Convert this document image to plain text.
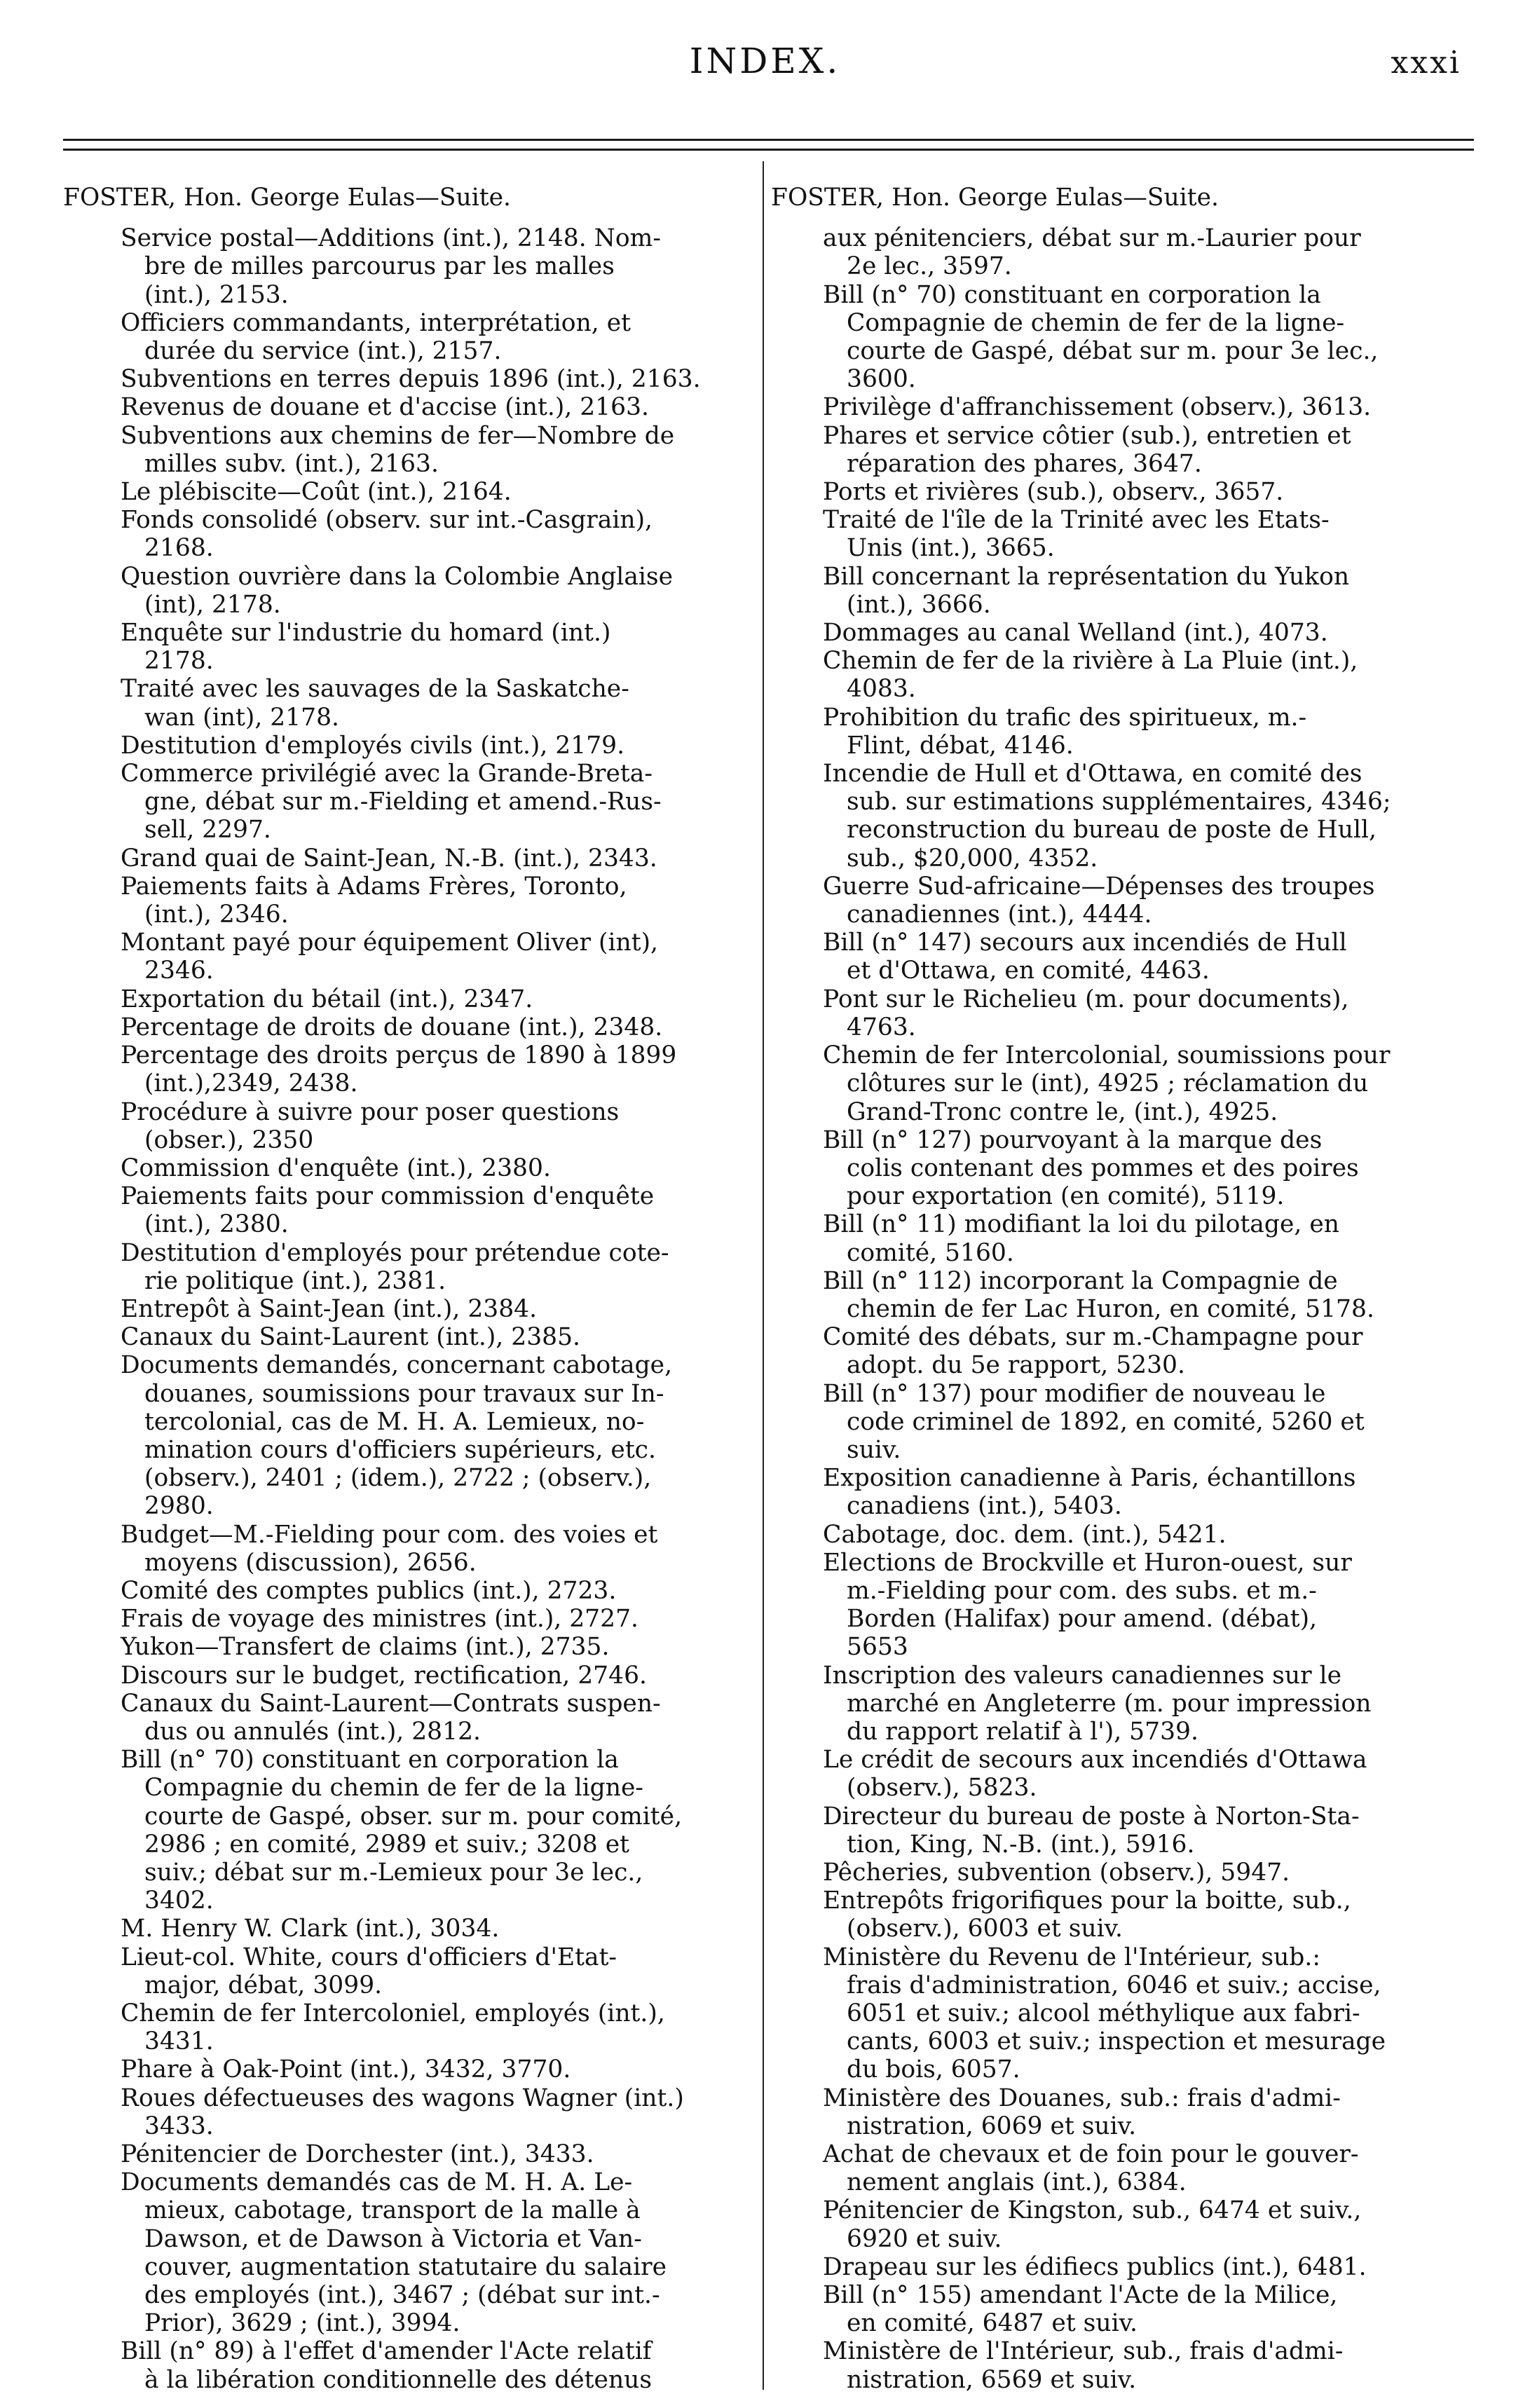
INDEX.	xxxi
FOSTER, Hon. George Eulas—Suite.
Service postal—Additions (int.), 2148. Nom-
bre de milles parcourus par les malles
(int.), 2153.
Officiers commandants, interprétation, et
durée du service (int.), 2157.
Subventions en terres depuis 1896 (int.), 2163.
Revenus de douane et d'accise (int.), 2163.
Subventions aux chemins de fer—Nombre de
milles subv. (int.), 2163.
Le plébiscite—Coût (int.), 2164.
Fonds consolidé (observ. sur int.-Casgrain),
2168.
Question ouvrière dans la Colombie Anglaise
(int), 2178.
Enquête sur l'industrie du homard (int.)
2178.
Traité avec les sauvages de la Saskatche-
wan (int), 2178.
Destitution d'employés civils (int.), 2179.
Commerce privilégié avec la Grande-Breta-
gne, débat sur m.-Fielding et amend.-Rus-
sell, 2297.
Grand quai de Saint-Jean, N.-B. (int.), 2343.
Paiements faits à Adams Frères, Toronto,
(int.), 2346.
Montant payé pour équipement Oliver (int),
2346.
Exportation du bétail (int.), 2347.
Percentage de droits de douane (int.), 2348.
Percentage des droits perçus de 1890 à 1899
(int.),2349, 2438.
Procédure à suivre pour poser questions
(obser.), 2350
Commission d'enquête (int.), 2380.
Paiements faits pour commission d'enquête
(int.), 2380.
Destitution d'employés pour prétendue cote-
rie politique (int.), 2381.
Entrepôt à Saint-Jean (int.), 2384.
Canaux du Saint-Laurent (int.), 2385.
Documents demandés, concernant cabotage,
douanes, soumissions pour travaux sur In-
tercolonial, cas de M. H. A. Lemieux, no-
mination cours d'officiers supérieurs, etc.
(observ.), 2401 ; (idem.), 2722 ; (observ.),
2980.
Budget—M.-Fielding pour com. des voies et
moyens (discussion), 2656.
Comité des comptes publics (int.), 2723.
Frais de voyage des ministres (int.), 2727.
Yukon—Transfert de claims (int.), 2735.
Discours sur le budget, rectification, 2746.
Canaux du Saint-Laurent—Contrats suspen-
dus ou annulés (int.), 2812.
Bill (n° 70) constituant en corporation la
Compagnie du chemin de fer de la ligne-
courte de Gaspé, obser. sur m. pour comité,
2986 ; en comité, 2989 et suiv.; 3208 et
suiv.; débat sur m.-Lemieux pour 3e lec.,
3402.
M. Henry W. Clark (int.), 3034.
Lieut-col. White, cours d'officiers d'Etat-
major, débat, 3099.
Chemin de fer Intercoloniel, employés (int.),
3431.
Phare à Oak-Point (int.), 3432, 3770.
Roues défectueuses des wagons Wagner (int.)
3433.
Pénitencier de Dorchester (int.), 3433.
Documents demandés cas de M. H. A. Le-
mieux, cabotage, transport de la malle à
Dawson, et de Dawson à Victoria et Van-
couver, augmentation statutaire du salaire
des employés (int.), 3467 ; (débat sur int.-
Prior), 3629 ; (int.), 3994.
Bill (n° 89) à l'effet d'amender l'Acte relatif
à la libération conditionnelle des détenus
FOSTER, Hon. George Eulas—Suite.
aux pénitenciers, débat sur m.-Laurier pour
2e lec., 3597.
Bill (n° 70) constituant en corporation la
Compagnie de chemin de fer de la ligne-
courte de Gaspé, débat sur m. pour 3e lec.,
3600.
Privilège d'affranchissement (observ.), 3613.
Phares et service côtier (sub.), entretien et
réparation des phares, 3647.
Ports et rivières (sub.), observ., 3657.
Traité de l'île de la Trinité avec les Etats-
Unis (int.), 3665.
Bill concernant la représentation du Yukon
(int.), 3666.
Dommages au canal Welland (int.), 4073.
Chemin de fer de la rivière à La Pluie (int.),
4083.
Prohibition du trafic des spiritueux, m.-
Flint, débat, 4146.
Incendie de Hull et d'Ottawa, en comité des
sub. sur estimations supplémentaires, 4346;
reconstruction du bureau de poste de Hull,
sub., $20,000, 4352.
Guerre Sud-africaine—Dépenses des troupes
canadiennes (int.), 4444.
Bill (n° 147) secours aux incendiés de Hull
et d'Ottawa, en comité, 4463.
Pont sur le Richelieu (m. pour documents),
4763.
Chemin de fer Intercolonial, soumissions pour
clôtures sur le (int), 4925 ; réclamation du
Grand-Tronc contre le, (int.), 4925.
Bill (n° 127) pourvoyant à la marque des
colis contenant des pommes et des poires
pour exportation (en comité), 5119.
Bill (n° 11) modifiant la loi du pilotage, en
comité, 5160.
Bill (n° 112) incorporant la Compagnie de
chemin de fer Lac Huron, en comité, 5178.
Comité des débats, sur m.-Champagne pour
adopt. du 5e rapport, 5230.
Bill (n° 137) pour modifier de nouveau le
code criminel de 1892, en comité, 5260 et
suiv.
Exposition canadienne à Paris, échantillons
canadiens (int.), 5403.
Cabotage, doc. dem. (int.), 5421.
Elections de Brockville et Huron-ouest, sur
m.-Fielding pour com. des subs. et m.-
Borden (Halifax) pour amend. (débat),
5653
Inscription des valeurs canadiennes sur le
marché en Angleterre (m. pour impression
du rapport relatif à l'), 5739.
Le crédit de secours aux incendiés d'Ottawa
(observ.), 5823.
Directeur du bureau de poste à Norton-Sta-
tion, King, N.-B. (int.), 5916.
Pêcheries, subvention (observ.), 5947.
Entrepôts frigorifiques pour la boitte, sub.,
(observ.), 6003 et suiv.
Ministère du Revenu de l'Intérieur, sub.:
frais d'administration, 6046 et suiv.; accise,
6051 et suiv.; alcool méthylique aux fabri-
cants, 6003 et suiv.; inspection et mesurage
du bois, 6057.
Ministère des Douanes, sub.: frais d'admi-
nistration, 6069 et suiv.
Achat de chevaux et de foin pour le gouver-
nement anglais (int.), 6384.
Pénitencier de Kingston, sub., 6474 et suiv.,
6920 et suiv.
Drapeau sur les édifiecs publics (int.), 6481.
Bill (n° 155) amendant l'Acte de la Milice,
en comité, 6487 et suiv.
Ministère de l'Intérieur, sub., frais d'admi-
nistration, 6569 et suiv.
